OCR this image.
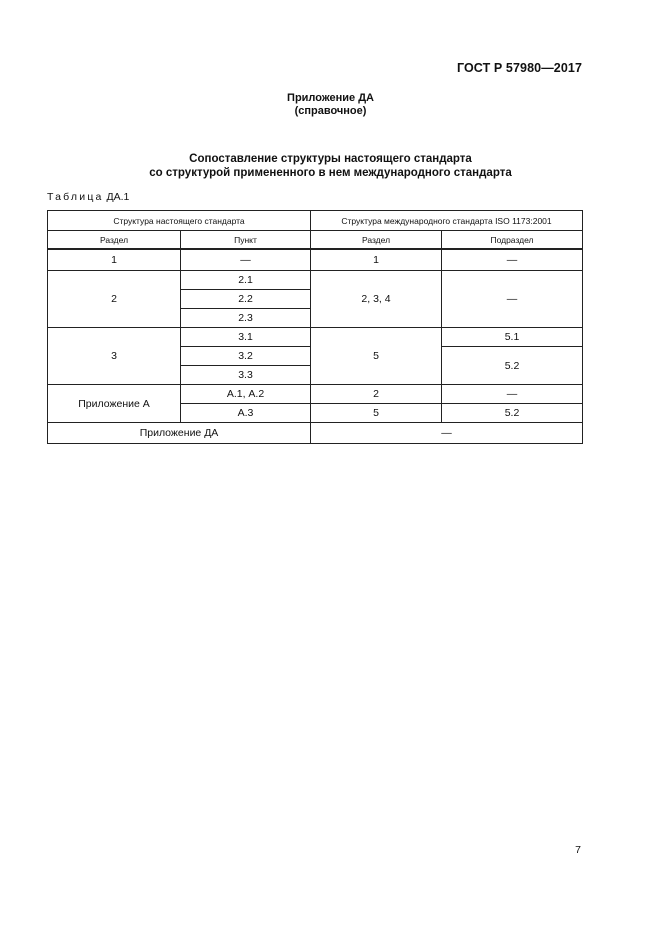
ГОСТ Р 57980—2017
Приложение ДА
(справочное)
Сопоставление структуры настоящего стандарта
со структурой примененного в нем международного стандарта
Таблица ДА.1
Структура настоящего стандарта		Структура международного стандарта ISO 1173:2001	
Раздел	Пункт	Раздел	Подраздел
1	—	1	—
2	2.1	2, 3, 4	—
	2.2		
	2.3		
3	3.1	5	5.1
	3.2		5.2
	3.3		
Приложение А	А.1, А.2	2	—
	А.3	5	5.2
Приложение ДА		—	
7
